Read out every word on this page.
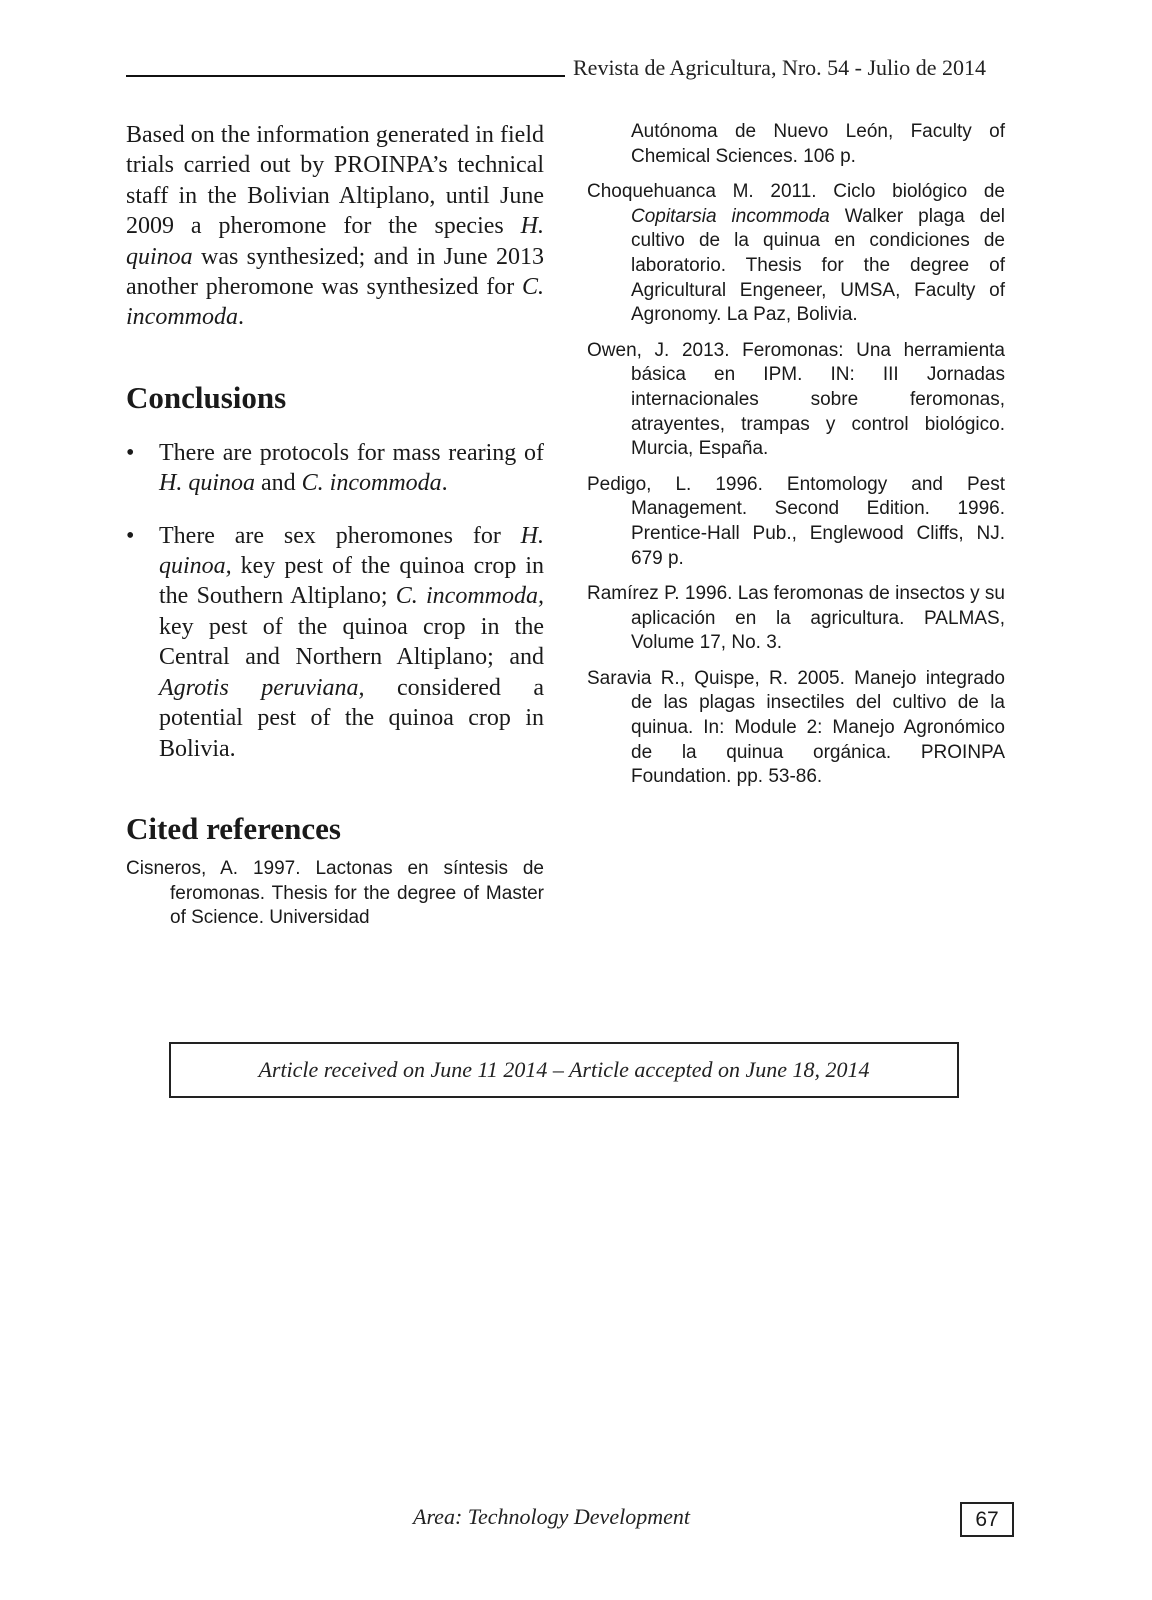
Revista de Agricultura, Nro. 54 - Julio de 2014

Based on the information generated in field trials carried out by PROINPA’s technical staff in the Bolivian Altiplano, until June 2009 a pheromone for the species H. quinoa was synthesized; and in June 2013 another pheromone was synthesized for C. incommoda.

Conclusions
• There are protocols for mass rearing of H. quinoa and C. incommoda.
• There are sex pheromones for H. quinoa, key pest of the quinoa crop in the Southern Altiplano; C. incommoda, key pest of the quinoa crop in the Central and Northern Altiplano; and Agrotis peruviana, considered a potential pest of the quinoa crop in Bolivia.
Cited references

Cisneros, A. 1997. Lactonas en síntesis de feromonas. Thesis for the degree of Master of Science. Universidad

Autónoma de Nuevo León, Faculty of Chemical Sciences. 106 p.

Choquehuanca M. 2011. Ciclo biológico de Copitarsia incommoda Walker plaga del cultivo de la quinua en condiciones de laboratorio. Thesis for the degree of Agricultural Engeneer, UMSA, Faculty of Agronomy. La Paz, Bolivia.

Owen, J. 2013. Feromonas: Una herramienta básica en IPM. IN: III Jornadas internacionales sobre feromonas, atrayentes, trampas y control biológico. Murcia, España.

Pedigo, L. 1996. Entomology and Pest Management. Second Edition. 1996. Prentice-Hall Pub., Englewood Cliffs, NJ. 679 p.

Ramírez P. 1996. Las feromonas de insectos y su aplicación en la agricultura. PALMAS, Volume 17, No. 3.

Saravia R., Quispe, R. 2005. Manejo integrado de las plagas insectiles del cultivo de la quinua. In: Module 2: Manejo Agronómico de la quinua orgánica. PROINPA Foundation. pp. 53-86.

Article received on June 11 2014 – Article accepted on June 18, 2014
Area: Technology Development	67
